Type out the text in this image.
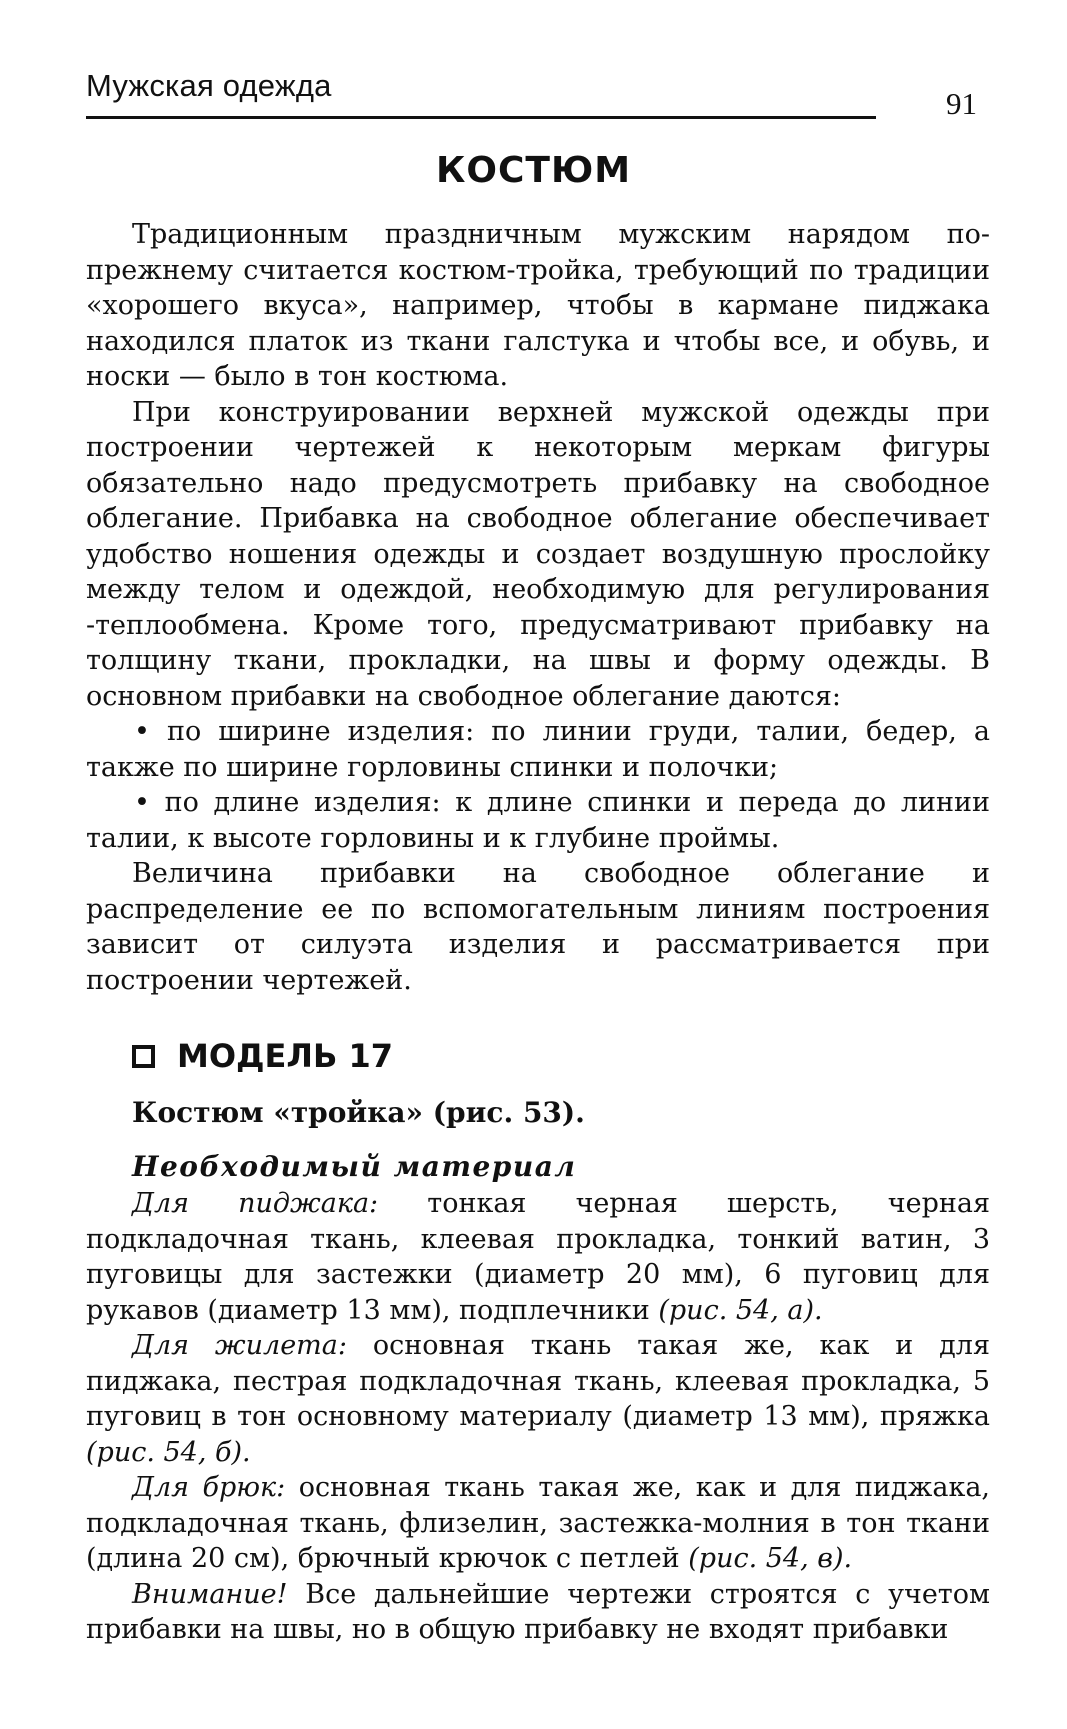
Мужская одежда
91
КОСТЮМ

Традиционным праздничным мужским нарядом по-прежнему считается костюм-тройка, требующий по традиции «хорошего вкуса», например, чтобы в кармане пиджака находился платок из ткани галстука и чтобы все, и обувь, и носки — было в тон костюма.

При конструировании верхней мужской одежды при построении чертежей к некоторым меркам фигуры обязательно надо предусмотреть прибавку на свободное облегание. Прибавка на свободное облегание обеспечивает удобство ношения одежды и создает воздушную прослойку между телом и одеждой, необходимую для регулирования -теплообмена. Кроме того, предусматривают прибавку на толщину ткани, прокладки, на швы и форму одежды. В основном прибавки на свободное облегание даются:

• по ширине изделия: по линии груди, талии, бедер, а также по ширине горловины спинки и полочки;

• по длине изделия: к длине спинки и переда до линии талии, к высоте горловины и к глубине проймы.

Величина прибавки на свободное облегание и распределение ее по вспомогательным линиям построения зависит от силуэта изделия и рассматривается при построении чертежей.

МОДЕЛЬ 17
Костюм «тройка» (рис. 53).
Необходимый материал

Для пиджака: тонкая черная шерсть, черная подкладочная ткань, клеевая прокладка, тонкий ватин, 3 пуговицы для застежки (диаметр 20 мм), 6 пуговиц для рукавов (диаметр 13 мм), подплечники (рис. 54, а).

Для жилета: основная ткань такая же, как и для пиджака, пестрая подкладочная ткань, клеевая прокладка, 5 пуговиц в тон основному материалу (диаметр 13 мм), пряжка (рис. 54, б).

Для брюк: основная ткань такая же, как и для пиджака, подкладочная ткань, флизелин, застежка-молния в тон ткани (длина 20 см), брючный крючок с петлей (рис. 54, в).

Внимание! Все дальнейшие чертежи строятся с учетом прибавки на швы, но в общую прибавку не входят прибавки
